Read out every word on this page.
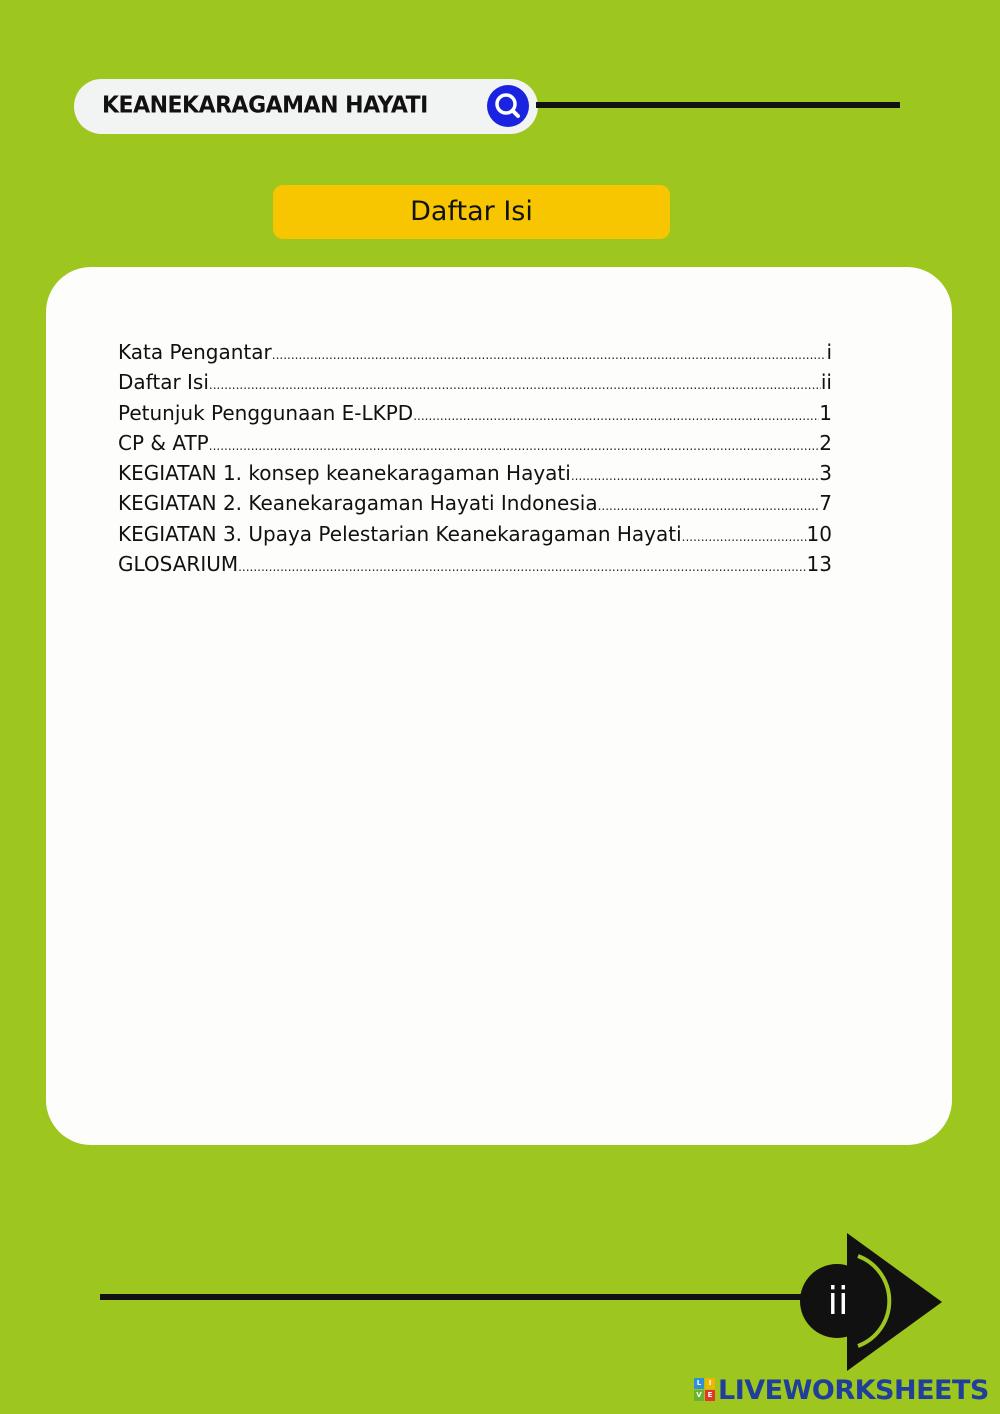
KEANEKARAGAMAN HAYATI
Daftar Isi
Kata Pengantar .....	i
Daftar Isi .....	ii
Petunjuk Penggunaan E-LKPD .....	1
CP & ATP .....	2
KEGIATAN 1. konsep keanekaragaman Hayati .....	3
KEGIATAN 2. Keanekaragaman Hayati Indonesia .....	7
KEGIATAN 3. Upaya Pelestarian Keanekaragaman Hayati .....	10
GLOSARIUM .....	13
ii
L	I
V E LIVEWORKSHEETS
